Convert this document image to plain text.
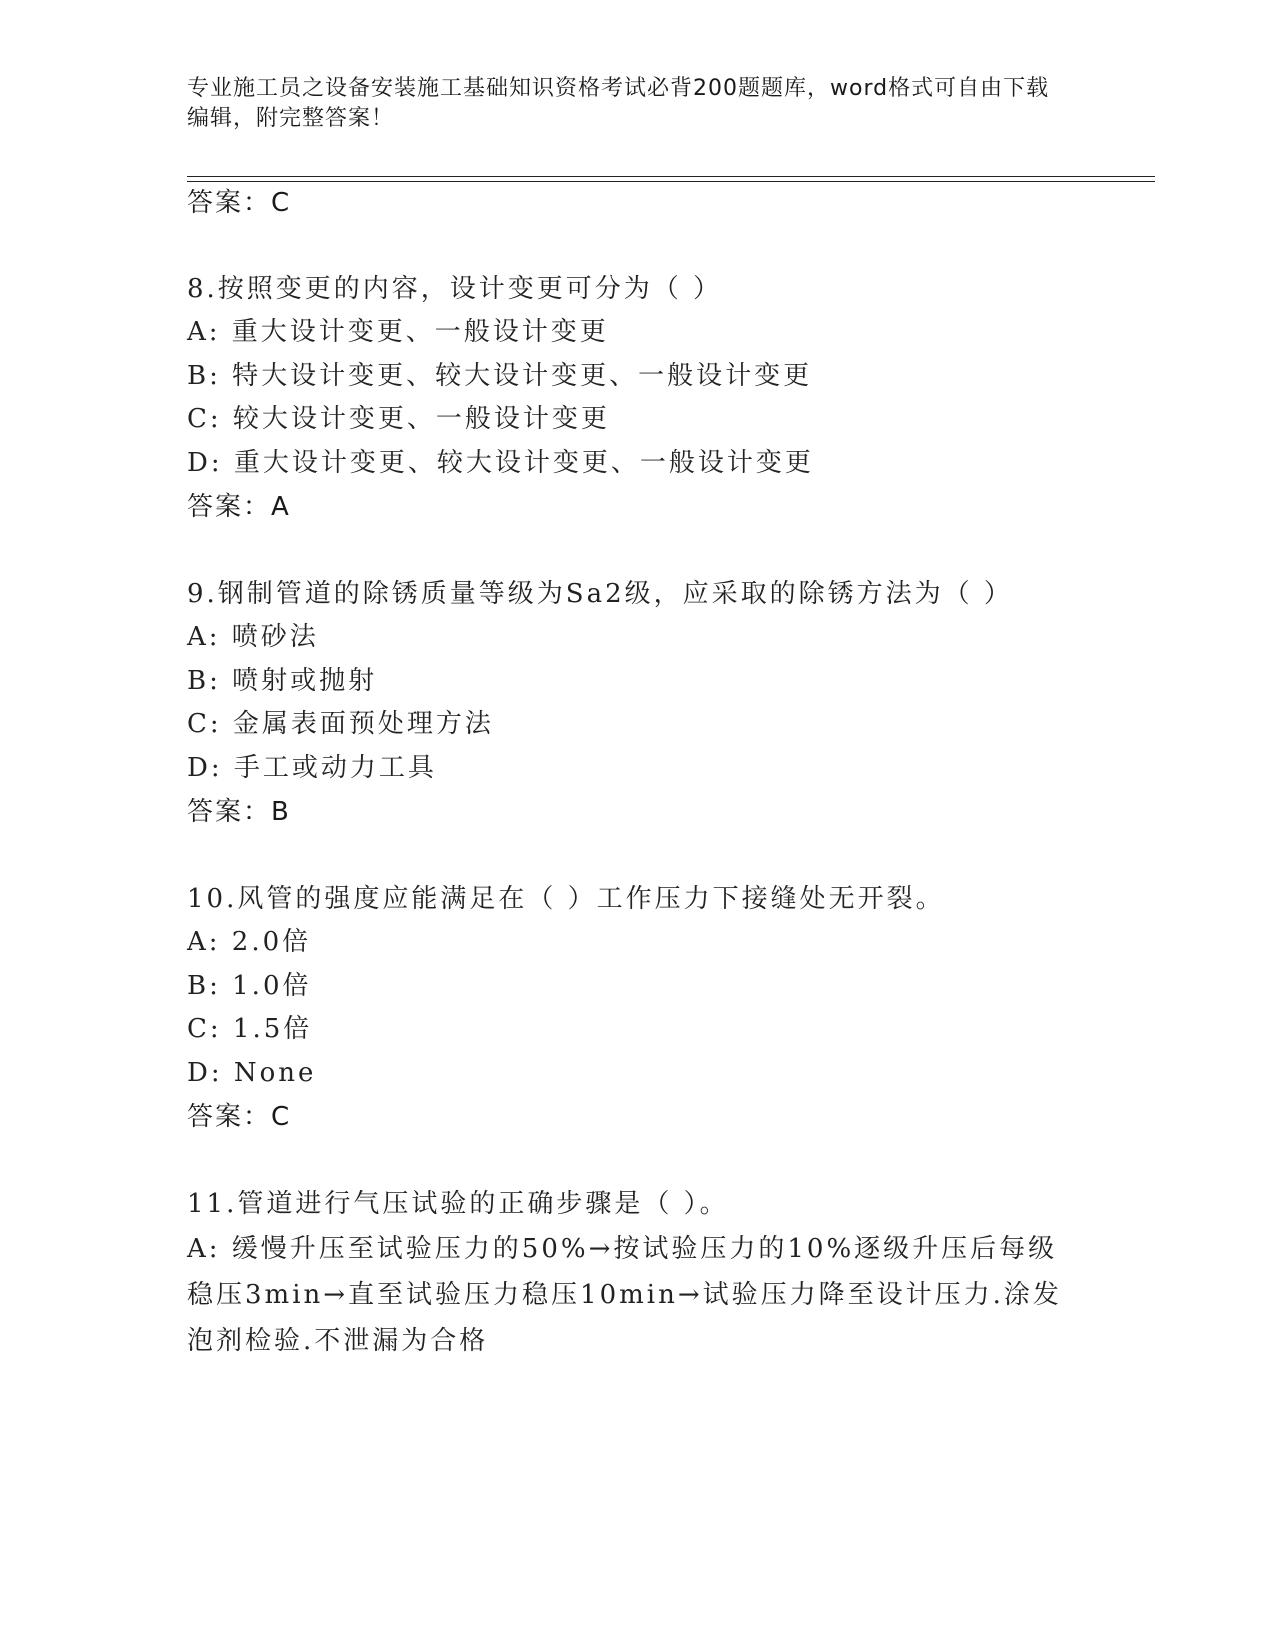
专业施工员之设备安装施工基础知识资格考试必背200题题库，word格式可自由下载编辑，附完整答案！
答案：C
8.按照变更的内容，设计变更可分为（ ）
A: 重大设计变更、一般设计变更
B: 特大设计变更、较大设计变更、一般设计变更
C: 较大设计变更、一般设计变更
D: 重大设计变更、较大设计变更、一般设计变更
答案：A
9.钢制管道的除锈质量等级为Sa2级，应采取的除锈方法为（ ）
A: 喷砂法
B: 喷射或抛射
C: 金属表面预处理方法
D: 手工或动力工具
答案：B
10.风管的强度应能满足在（ ）工作压力下接缝处无开裂。
A: 2.0倍
B: 1.0倍
C: 1.5倍
D: None
答案：C
11.管道进行气压试验的正确步骤是（ ）。
A: 缓慢升压至试验压力的50%→按试验压力的10%逐级升压后每级稳压3min→直至试验压力稳压10min→试验压力降至设计压力.涂发泡剂检验.不泄漏为合格
